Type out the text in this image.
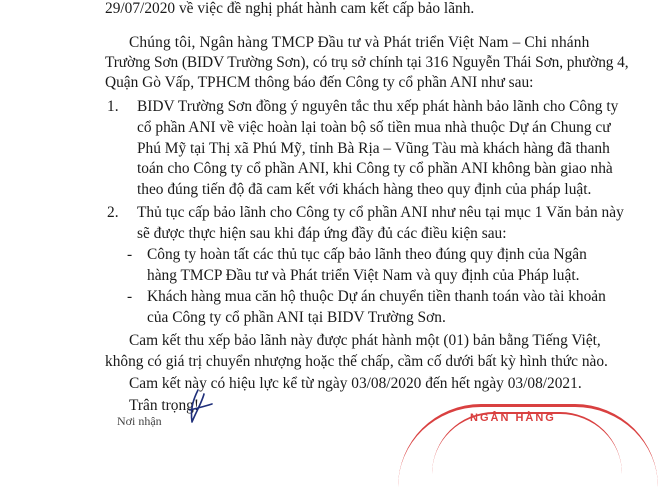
29/07/2020 về việc đề nghị phát hành cam kết cấp bảo lãnh.
Chúng tôi, Ngân hàng TMCP Đầu tư và Phát triển Việt Nam – Chi nhánh
Trường Sơn (BIDV Trường Sơn), có trụ sở chính tại 316 Nguyễn Thái Sơn, phường 4,
Quận Gò Vấp, TPHCM thông báo đến Công ty cổ phần ANI như sau:
1. BIDV Trường Sơn đồng ý nguyên tắc thu xếp phát hành bảo lãnh cho Công ty
cổ phần ANI về việc hoàn lại toàn bộ số tiền mua nhà thuộc Dự án Chung cư
Phú Mỹ tại Thị xã Phú Mỹ, tỉnh Bà Rịa – Vũng Tàu mà khách hàng đã thanh
toán cho Công ty cổ phần ANI, khi Công ty cổ phần ANI không bàn giao nhà
theo đúng tiến độ đã cam kết với khách hàng theo quy định của pháp luật.
2. Thủ tục cấp bảo lãnh cho Công ty cổ phần ANI như nêu tại mục 1 Văn bản này
sẽ được thực hiện sau khi đáp ứng đầy đủ các điều kiện sau:
- Công ty hoàn tất các thủ tục cấp bảo lãnh theo đúng quy định của Ngân
hàng TMCP Đầu tư và Phát triển Việt Nam và quy định của Pháp luật.
- Khách hàng mua căn hộ thuộc Dự án chuyển tiền thanh toán vào tài khoản
của Công ty cổ phần ANI tại BIDV Trường Sơn.
Cam kết thu xếp bảo lãnh này được phát hành một (01) bản bằng Tiếng Việt,
không có giá trị chuyển nhượng hoặc thế chấp, cầm cố dưới bất kỳ hình thức nào.
Cam kết này có hiệu lực kể từ ngày 03/08/2020 đến hết ngày 03/08/2021.
Trân trọng!
Nơi nhận	NGÂN HÀNG
